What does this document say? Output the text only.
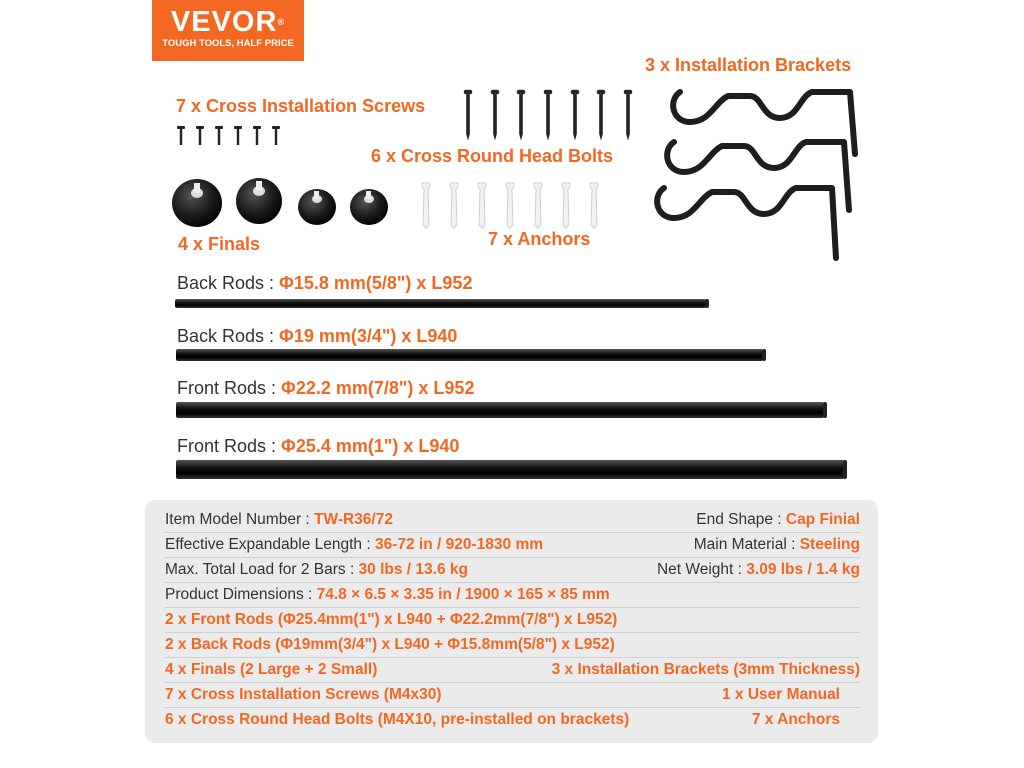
VEVOR®
TOUGH TOOLS, HALF PRICE
7 x Cross Installation Screws
6 x Cross Round Head Bolts
3 x Installation Brackets
4 x Finals	7 x Anchors
Back Rods : Φ15.8 mm(5/8") x L952
Back Rods : Φ19 mm(3/4") x L940
Front Rods : Φ22.2 mm(7/8") x L952
Front Rods : Φ25.4 mm(1") x L940
Item Model Number : TW-R36/72	End Shape : Cap Finial
Effective Expandable Length : 36-72 in / 920-1830 mm	Main Material : Steeling
Max. Total Load for 2 Bars : 30 lbs / 13.6 kg	Net Weight : 3.09 lbs / 1.4 kg
Product Dimensions : 74.8 × 6.5 × 3.35 in / 1900 × 165 × 85 mm
2 x Front Rods (Φ25.4mm(1") x L940 + Φ22.2mm(7/8") x L952)
2 x Back Rods (Φ19mm(3/4") x L940 + Φ15.8mm(5/8") x L952)
4 x Finals (2 Large + 2 Small)	3 x Installation Brackets (3mm Thickness)
7 x Cross Installation Screws (M4x30)	1 x User Manual
6 x Cross Round Head Bolts (M4X10, pre-installed on brackets)	7 x Anchors
